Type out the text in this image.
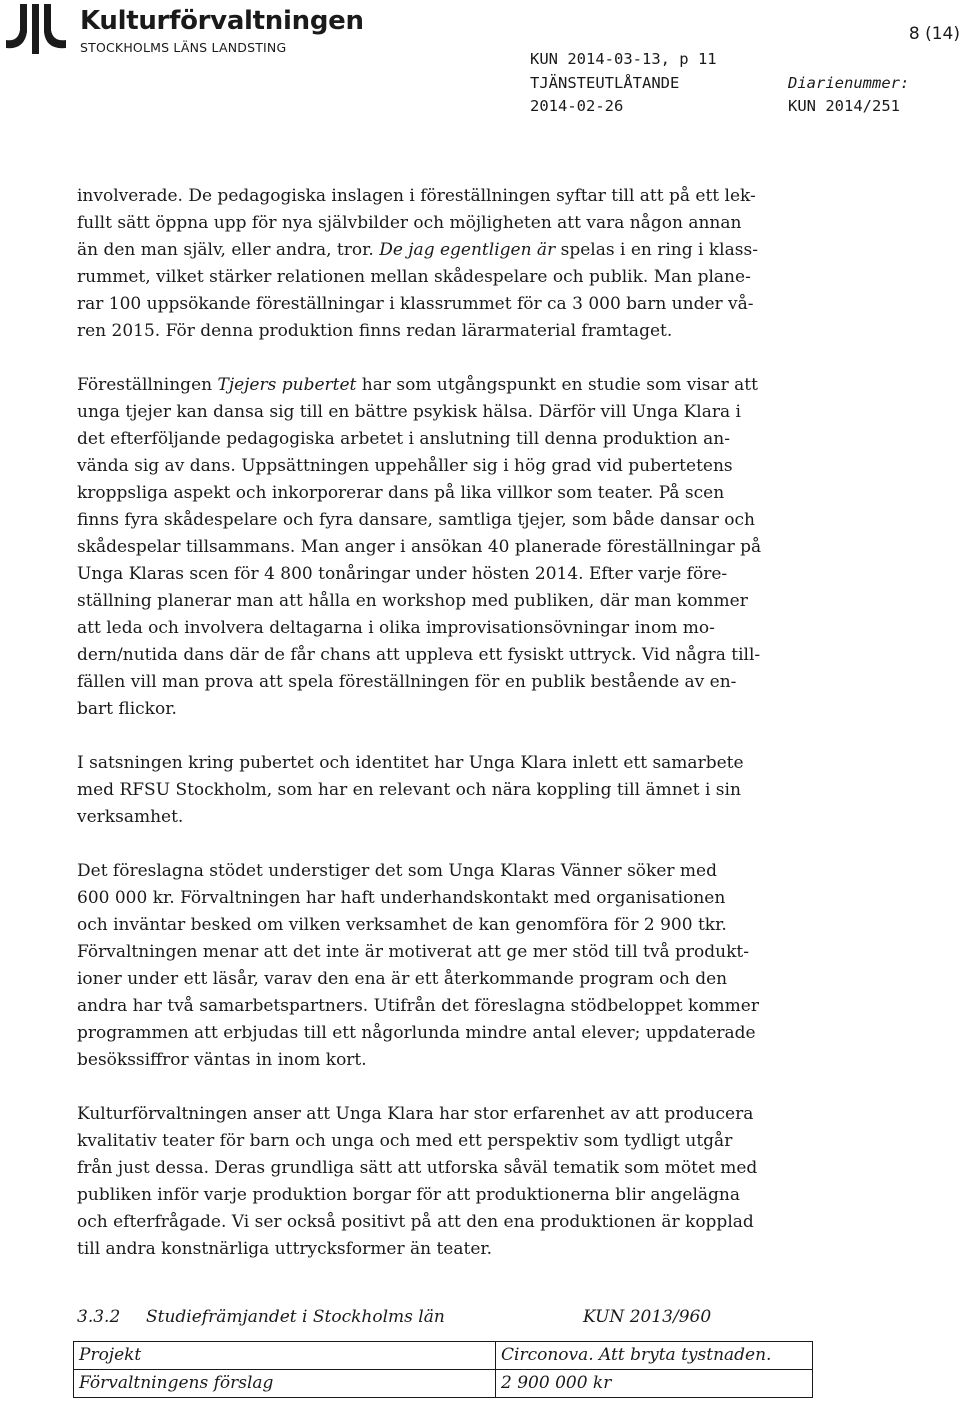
Kulturförvaltningen
STOCKHOLMS LÄNS LANDSTING
8 (14)
KUN 2014-03-13, p 11
TJÄNSTEUTLÅTANDE	Diarienummer:
2014-02-26	KUN 2014/251

involverade. De pedagogiska inslagen i föreställningen syftar till att på ett lek-
fullt sätt öppna upp för nya självbilder och möjligheten att vara någon annan
än den man själv, eller andra, tror. De jag egentligen är spelas i en ring i klass-
rummet, vilket stärker relationen mellan skådespelare och publik. Man plane-
rar 100 uppsökande föreställningar i klassrummet för ca 3 000 barn under vå-
ren 2015. För denna produktion finns redan lärarmaterial framtaget.

Föreställningen Tjejers pubertet har som utgångspunkt en studie som visar att
unga tjejer kan dansa sig till en bättre psykisk hälsa. Därför vill Unga Klara i
det efterföljande pedagogiska arbetet i anslutning till denna produktion an-
vända sig av dans. Uppsättningen uppehåller sig i hög grad vid pubertetens
kroppsliga aspekt och inkorporerar dans på lika villkor som teater. På scen
finns fyra skådespelare och fyra dansare, samtliga tjejer, som både dansar och
skådespelar tillsammans. Man anger i ansökan 40 planerade föreställningar på
Unga Klaras scen för 4 800 tonåringar under hösten 2014. Efter varje före-
ställning planerar man att hålla en workshop med publiken, där man kommer
att leda och involvera deltagarna i olika improvisationsövningar inom mo-
dern/nutida dans där de får chans att uppleva ett fysiskt uttryck. Vid några till-
fällen vill man prova att spela föreställningen för en publik bestående av en-
bart flickor.

I satsningen kring pubertet och identitet har Unga Klara inlett ett samarbete
med RFSU Stockholm, som har en relevant och nära koppling till ämnet i sin
verksamhet.

Det föreslagna stödet understiger det som Unga Klaras Vänner söker med
600 000 kr. Förvaltningen har haft underhandskontakt med organisationen
och inväntar besked om vilken verksamhet de kan genomföra för 2 900 tkr.
Förvaltningen menar att det inte är motiverat att ge mer stöd till två produkt-
ioner under ett läsår, varav den ena är ett återkommande program och den
andra har två samarbetspartners. Utifrån det föreslagna stödbeloppet kommer
programmen att erbjudas till ett någorlunda mindre antal elever; uppdaterade
besökssiffror väntas in inom kort.

Kulturförvaltningen anser att Unga Klara har stor erfarenhet av att producera
kvalitativ teater för barn och unga och med ett perspektiv som tydligt utgår
från just dessa. Deras grundliga sätt att utforska såväl tematik som mötet med
publiken inför varje produktion borgar för att produktionerna blir angelägna
och efterfrågade. Vi ser också positivt på att den ena produktionen är kopplad
till andra konstnärliga uttrycksformer än teater.

3.3.2 Studiefrämjandet i Stockholms län	KUN 2013/960
Projekt	Circonova. Att bryta tystnaden.
Förvaltningens förslag	2 900 000 kr
